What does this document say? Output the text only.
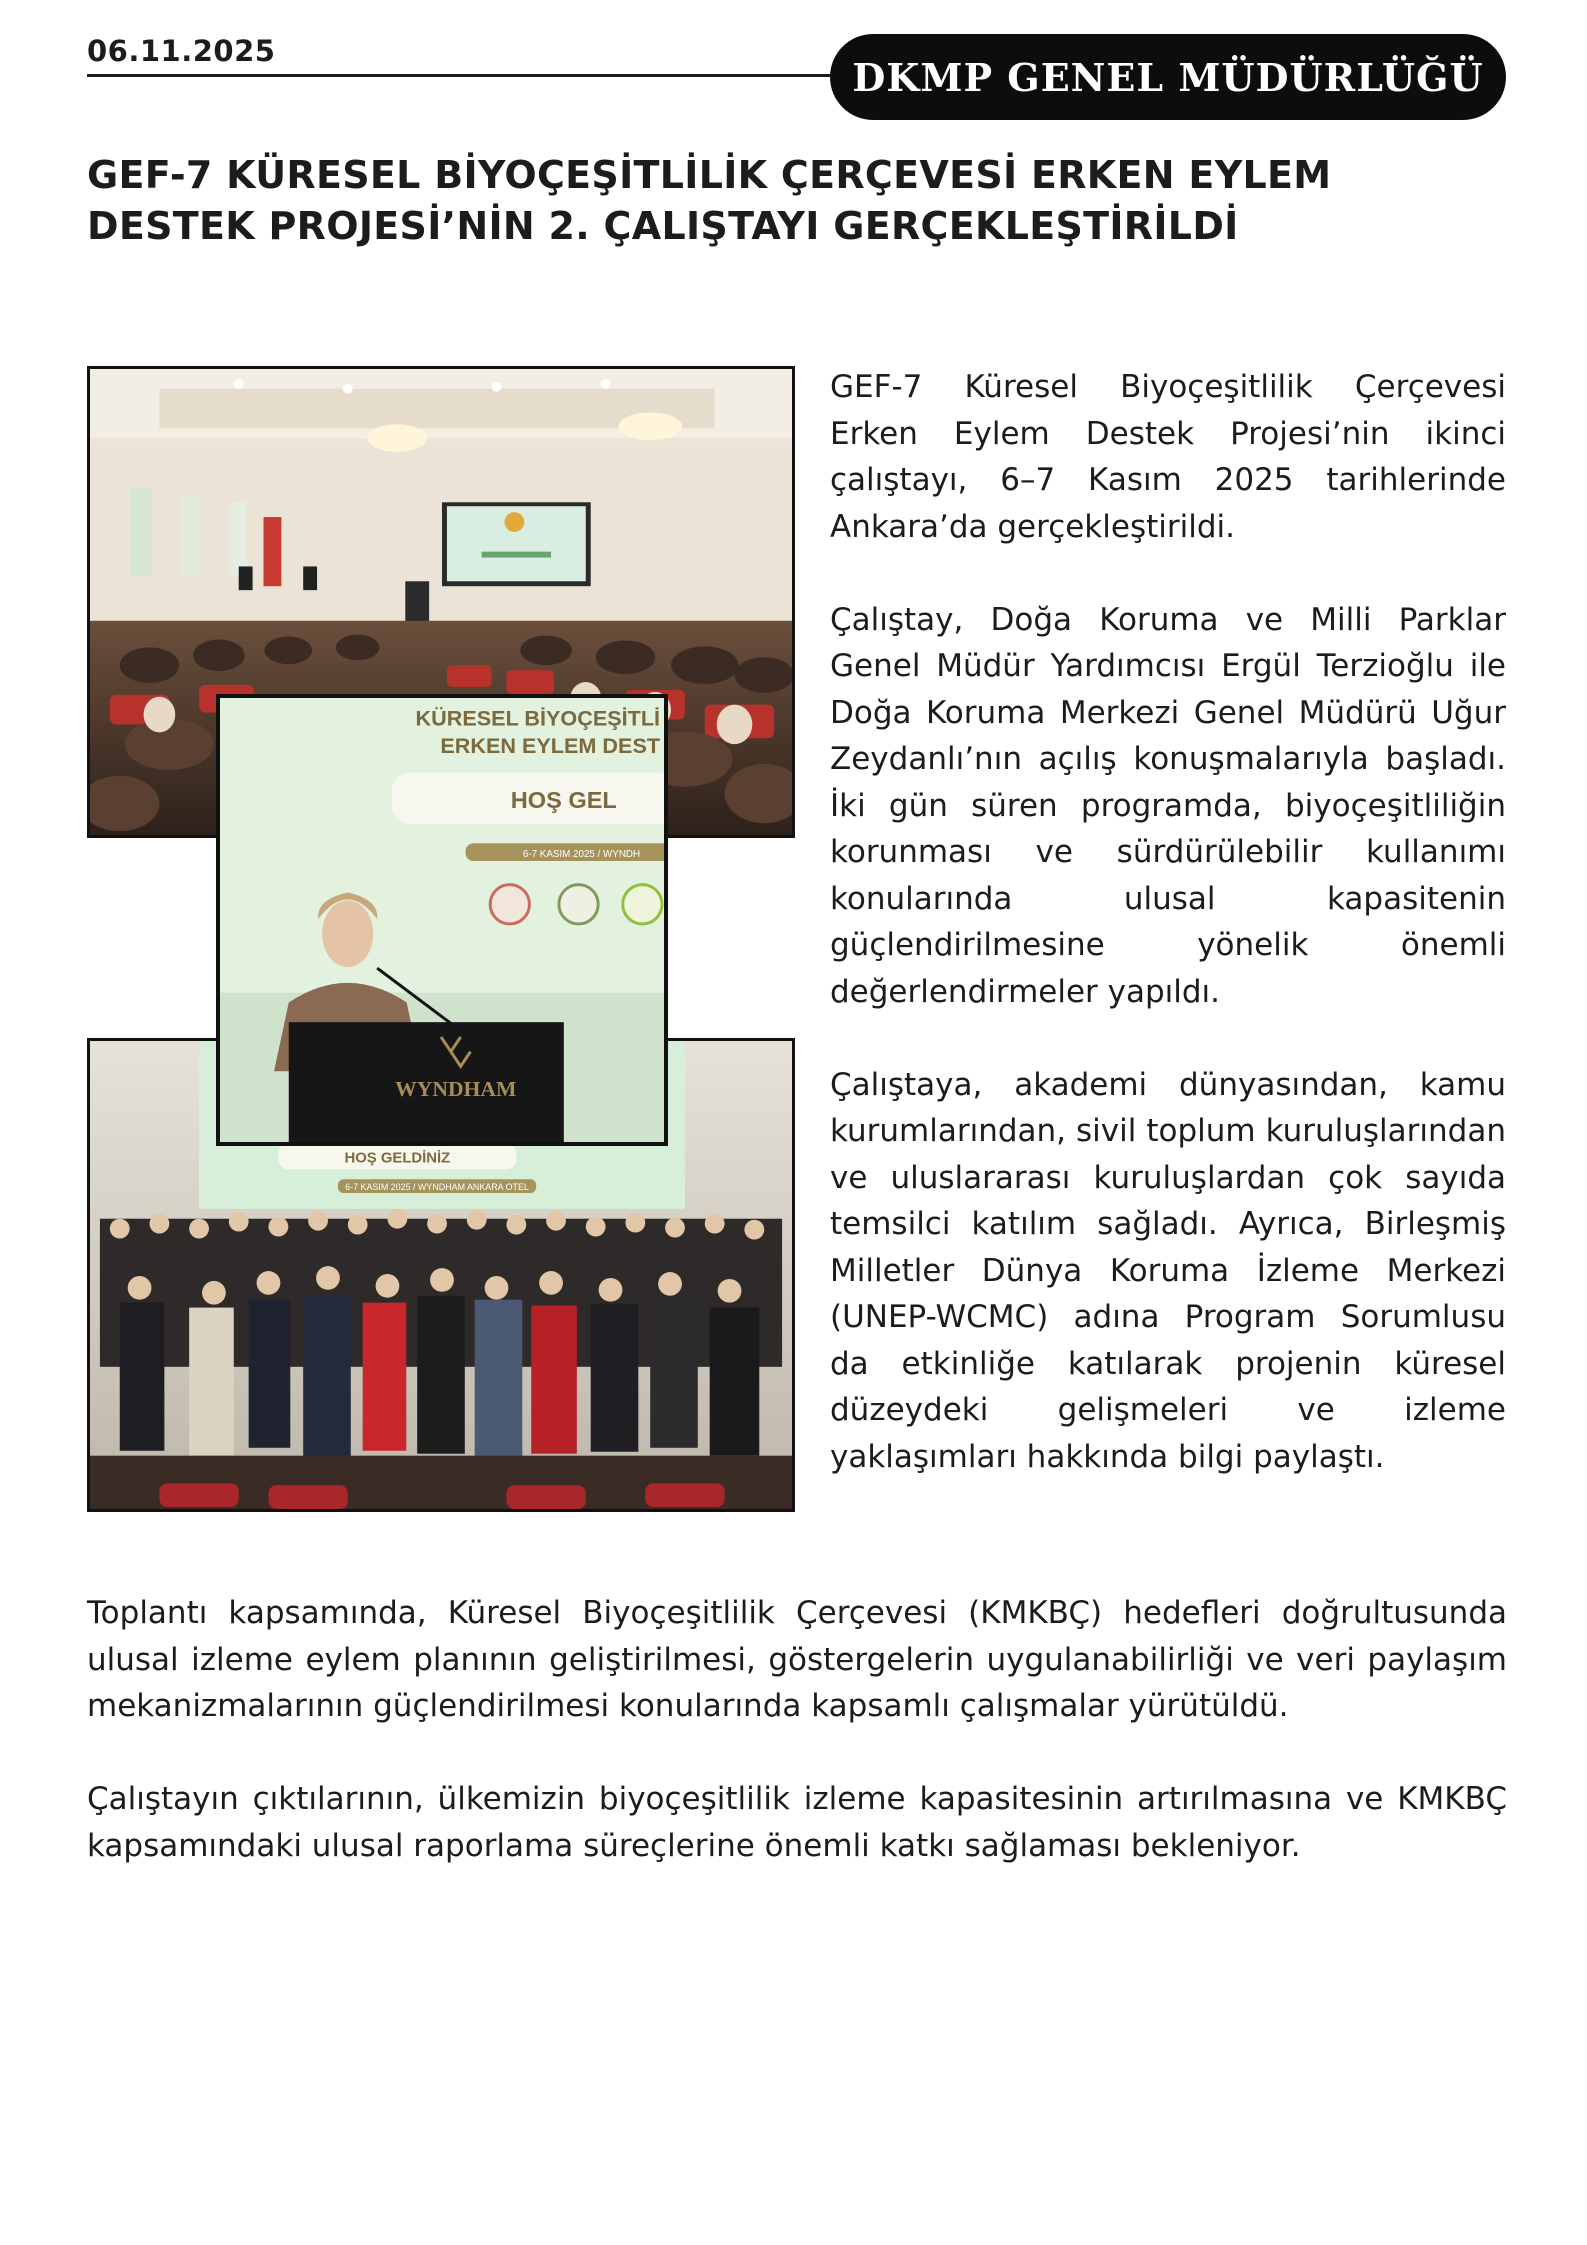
06.11.2025
DKMP GENEL MÜDÜRLÜĞÜ
GEF-7 KÜRESEL BİYOÇEŞİTLİLİK ÇERÇEVESİ ERKEN EYLEM DESTEK PROJESİ’NİN 2. ÇALIŞTAYI GERÇEKLEŞTİRİLDİ
HOŞ GELDİNİZ
6-7 KASIM 2025 / WYNDHAM ANKARA OTEL
KÜRESEL BİYOÇEŞİTLİ
ERKEN EYLEM DEST
HOŞ GEL
6-7 KASIM 2025 / WYNDH
WYNDHAM

GEF-7 Küresel Biyoçeşitlilik Çerçevesi Erken Eylem Destek Projesi’nin ikinci çalıştayı, 6–7 Kasım 2025 tarihlerinde Ankara’da gerçekleştirildi.

Çalıştay, Doğa Koruma ve Milli Parklar Genel Müdür Yardımcısı Ergül Terzioğlu ile Doğa Koruma Merkezi Genel Müdürü Uğur Zeydanlı’nın açılış konuşmalarıyla başladı. İki gün süren programda, biyoçeşitliliğin korunması ve sürdürülebilir kullanımı konularında ulusal kapasitenin güçlendirilmesine yönelik önemli değerlendirmeler yapıldı.

Çalıştaya, akademi dünyasından, kamu kurumlarından, sivil toplum kuruluşlarından ve uluslararası kuruluşlardan çok sayıda temsilci katılım sağladı. Ayrıca, Birleşmiş Milletler Dünya Koruma İzleme Merkezi (UNEP-WCMC) adına Program Sorumlusu da etkinliğe katılarak projenin küresel düzeydeki gelişmeleri ve izleme yaklaşımları hakkında bilgi paylaştı.

Toplantı kapsamında, Küresel Biyoçeşitlilik Çerçevesi (KMKBÇ) hedefleri doğrultusunda ulusal izleme eylem planının geliştirilmesi, göstergelerin uygulanabilirliği ve veri paylaşım mekanizmalarının güçlendirilmesi konularında kapsamlı çalışmalar yürütüldü.

Çalıştayın çıktılarının, ülkemizin biyoçeşitlilik izleme kapasitesinin artırılmasına ve KMKBÇ kapsamındaki ulusal raporlama süreçlerine önemli katkı sağlaması bekleniyor.
